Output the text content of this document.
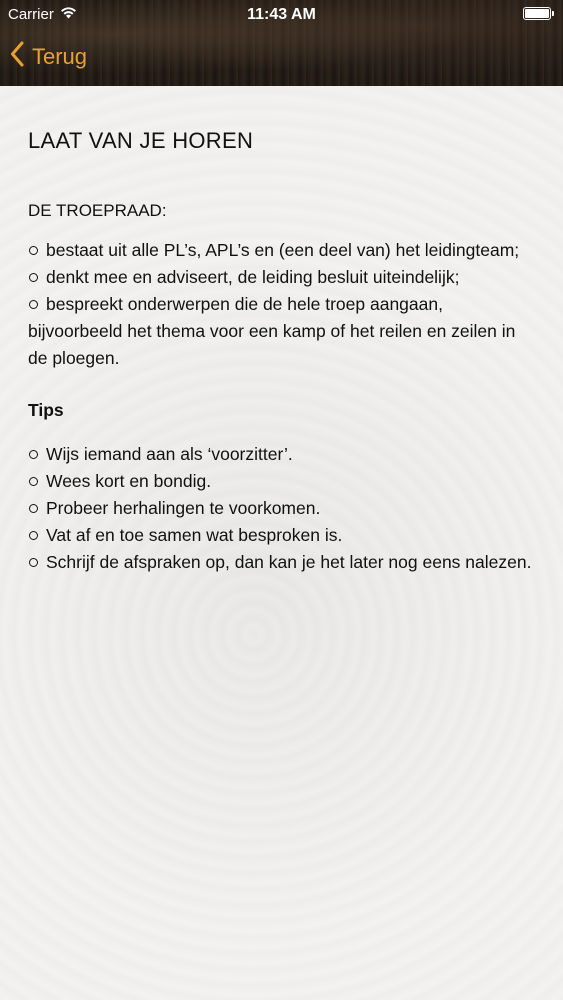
Carrier	11:43 AM
Terug
LAAT VAN JE HOREN
DE TROEPRAAD:
bestaat uit alle PL’s, APL’s en (een deel van) het leidingteam;
denkt mee en adviseert, de leiding besluit uiteindelijk;
bespreekt onderwerpen die de hele troep aangaan, bijvoorbeeld het thema voor een kamp of het reilen en zeilen in de ploegen.
Tips
Wijs iemand aan als ‘voorzitter’.
Wees kort en bondig.
Probeer herhalingen te voorkomen.
Vat af en toe samen wat besproken is.
Schrijf de afspraken op, dan kan je het later nog eens nalezen.
